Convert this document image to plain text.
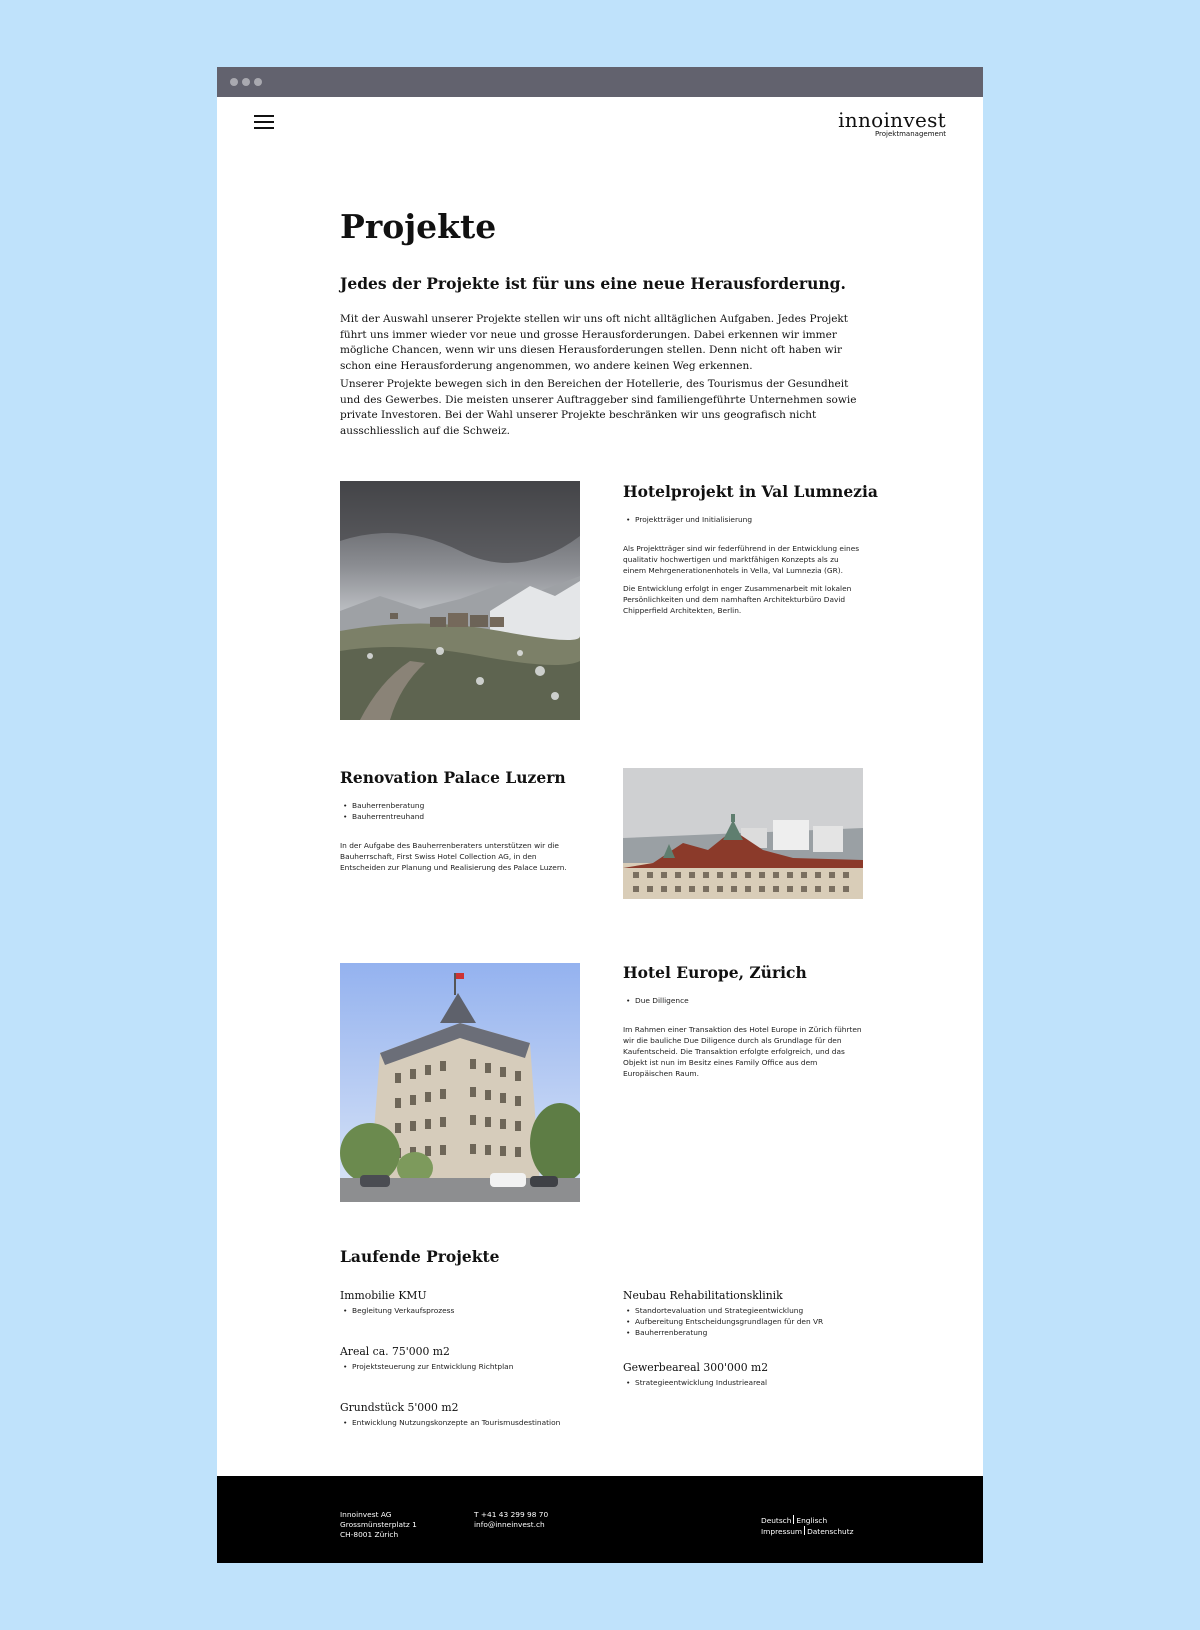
innoinvest
Projektmanagement
Projekte
Jedes der Projekte ist für uns eine neue Herausforderung.

Mit der Auswahl unserer Projekte stellen wir uns oft nicht alltäglichen Aufgaben. Jedes Projekt führt uns immer wieder vor neue und grosse Herausforderungen. Dabei erkennen wir immer mögliche Chancen, wenn wir uns diesen Herausforderungen stellen. Denn nicht oft haben wir schon eine Herausforderung angenommen, wo andere keinen Weg erkennen.

Unserer Projekte bewegen sich in den Bereichen der Hotellerie, des Tourismus der Gesundheit und des Gewerbes. Die meisten unserer Auftraggeber sind familiengeführte Unternehmen sowie private Investoren. Bei der Wahl unserer Projekte beschränken wir uns geografisch nicht ausschliesslich auf die Schweiz.

Hotelprojekt in Val Lumnezia
• Projektträger und Initialisierung

Als Projektträger sind wir federführend in der Entwicklung eines qualitativ hochwertigen und marktfähigen Konzepts als zu einem Mehrgenerationenhotels in Vella, Val Lumnezia (GR).

Die Entwicklung erfolgt in enger Zusammenarbeit mit lokalen Persönlichkeiten und dem namhaften Architekturbüro David Chipperfield Architekten, Berlin.

Renovation Palace Luzern
• Bauherrenberatung
• Bauherrentreuhand

In der Aufgabe des Bauherrenberaters unterstützen wir die Bauherrschaft, First Swiss Hotel Collection AG, in den Entscheiden zur Planung und Realisierung des Palace Luzern.

Hotel Europe, Zürich
• Due Dilligence

Im Rahmen einer Transaktion des Hotel Europe in Zürich führten wir die bauliche Due Diligence durch als Grundlage für den Kaufentscheid. Die Transaktion erfolgte erfolgreich, und das Objekt ist nun im Besitz eines Family Office aus dem Europäischen Raum.

Laufende Projekte
Immobilie KMU
• Begleitung Verkaufsprozess
Areal ca. 75'000 m2
• Projektsteuerung zur Entwicklung Richtplan
Grundstück 5'000 m2
• Entwicklung Nutzungskonzepte an Tourismusdestination
Neubau Rehabilitationsklinik
• Standortevaluation und Strategieentwicklung
• Aufbereitung Entscheidungsgrundlagen für den VR
• Bauherrenberatung
Gewerbeareal 300'000 m2
• Strategieentwicklung Industrieareal
Innoinvest AG
Grossmünsterplatz 1
CH-8001 Zürich
T +41 43 299 98 70
info@inneinvest.ch	Deutsch Englisch
Impressum Datenschutz
